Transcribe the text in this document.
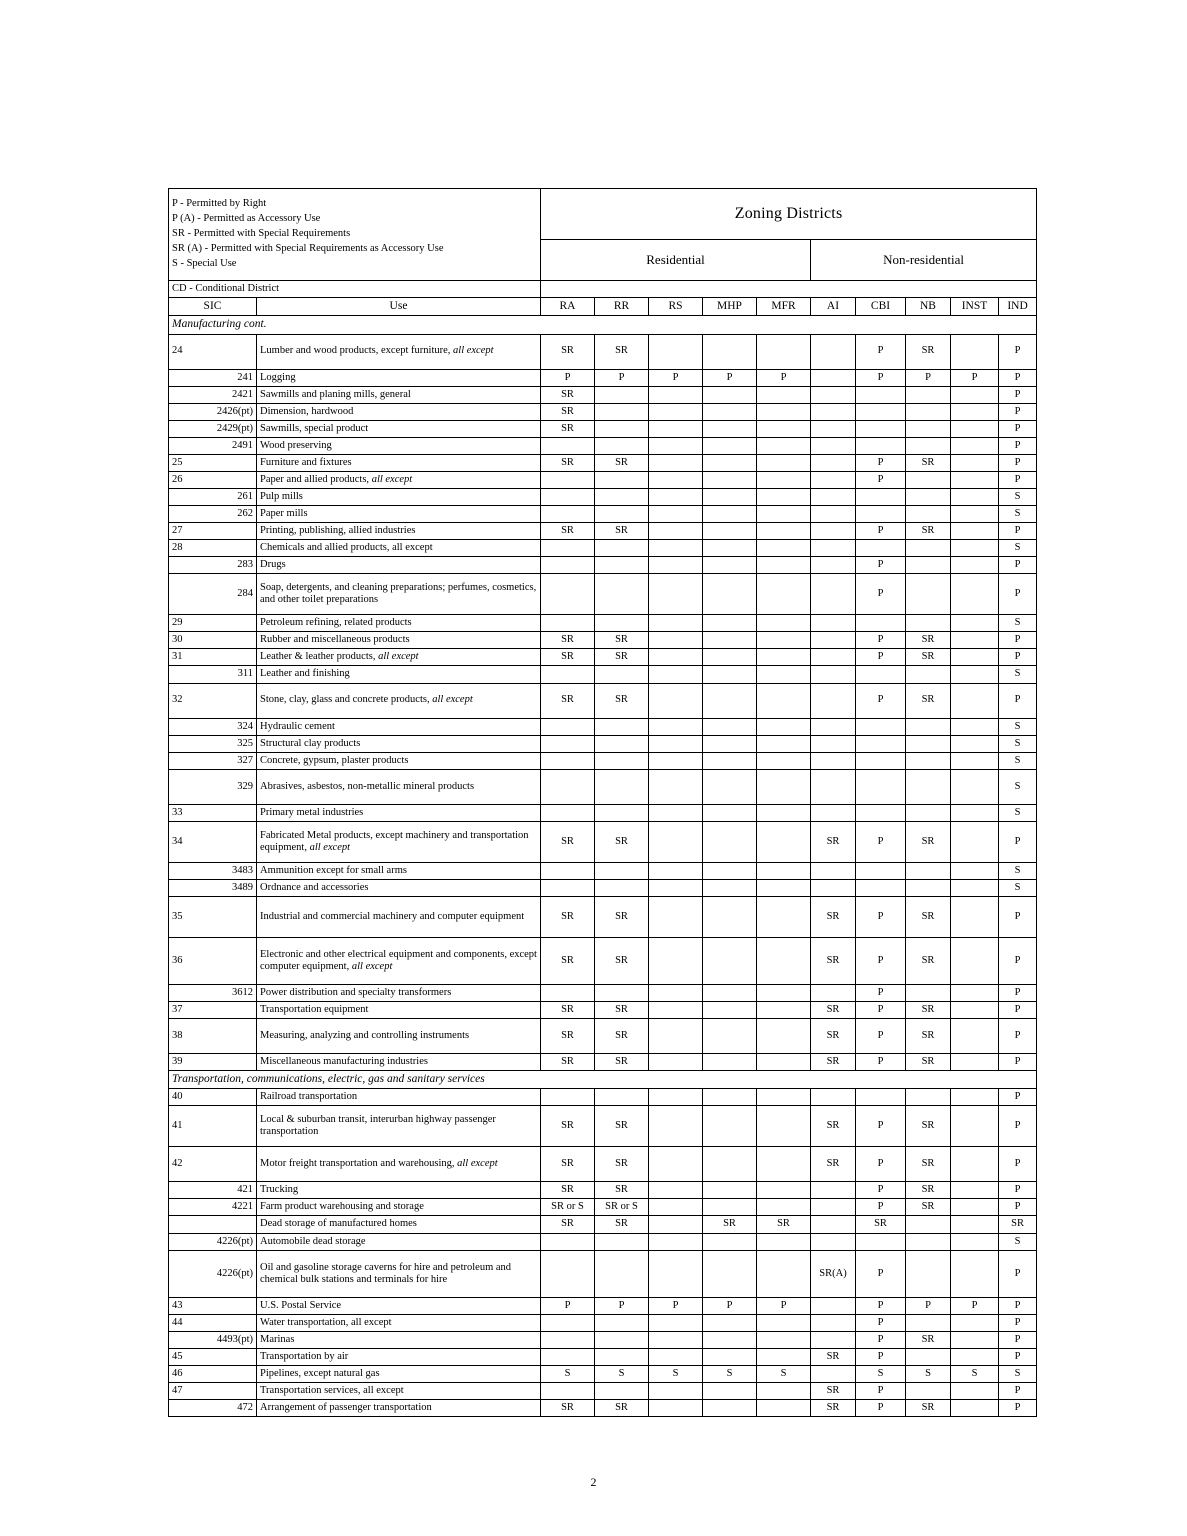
P - Permitted by Right
P (A) - Permitted as Accessory Use
SR - Permitted with Special Requirements
SR (A) - Permitted with Special Requirements as Accessory Use
S - Special Use		Zoning Districts									
		Residential					Non-residential				
CD - Conditional District											
SIC	Use	RA	RR	RS	MHP	MFR	AI	CBI	NB	INST	IND
Manufacturing cont.											
24	Lumber and wood products, except furniture, all except	SR	SR					P	SR		P
241	Logging	P	P	P	P	P		P	P	P	P
2421	Sawmills and planing mills, general	SR									P
2426(pt)	Dimension, hardwood	SR									P
2429(pt)	Sawmills, special product	SR									P
2491	Wood preserving										P
25	Furniture and fixtures	SR	SR					P	SR		P
26	Paper and allied products, all except							P			P
261	Pulp mills										S
262	Paper mills										S
27	Printing, publishing, allied industries	SR	SR					P	SR		P
28	Chemicals and allied products, all except										S
283	Drugs							P			P
284	Soap, detergents, and cleaning preparations; perfumes, cosmetics, and other toilet preparations							P			P
29	Petroleum refining, related products										S
30	Rubber and miscellaneous products	SR	SR					P	SR		P
31	Leather & leather products, all except	SR	SR					P	SR		P
311	Leather and finishing										S
32	Stone, clay, glass and concrete products, all except	SR	SR					P	SR		P
324	Hydraulic cement										S
325	Structural clay products										S
327	Concrete, gypsum, plaster products										S
329	Abrasives, asbestos, non-metallic mineral products										S
33	Primary metal industries										S
34	Fabricated Metal products, except machinery and transportation equipment, all except	SR	SR				SR	P	SR		P
3483	Ammunition except for small arms										S
3489	Ordnance and accessories										S
35	Industrial and commercial machinery and computer equipment	SR	SR				SR	P	SR		P
36	Electronic and other electrical equipment and components, except computer equipment, all except	SR	SR				SR	P	SR		P
3612	Power distribution and specialty transformers							P			P
37	Transportation equipment	SR	SR				SR	P	SR		P
38	Measuring, analyzing and controlling instruments	SR	SR				SR	P	SR		P
39	Miscellaneous manufacturing industries	SR	SR				SR	P	SR		P
Transportation, communications, electric, gas and sanitary services											
40	Railroad transportation										P
41	Local & suburban transit, interurban highway passenger transportation	SR	SR				SR	P	SR		P
42	Motor freight transportation and warehousing, all except	SR	SR				SR	P	SR		P
421	Trucking	SR	SR					P	SR		P
4221	Farm product warehousing and storage	SR or S	SR or S					P	SR		P
	Dead storage of manufactured homes	SR	SR		SR	SR		SR			SR
4226(pt)	Automobile dead storage										S
4226(pt)	Oil and gasoline storage caverns for hire and petroleum and chemical bulk stations and terminals for hire						SR(A)	P			P
43	U.S. Postal Service	P	P	P	P	P		P	P	P	P
44	Water transportation, all except							P			P
4493(pt)	Marinas							P	SR		P
45	Transportation by air						SR	P			P
46	Pipelines, except natural gas	S	S	S	S	S		S	S	S	S
47	Transportation services, all except						SR	P			P
472	Arrangement of passenger transportation	SR	SR				SR	P	SR		P
2
